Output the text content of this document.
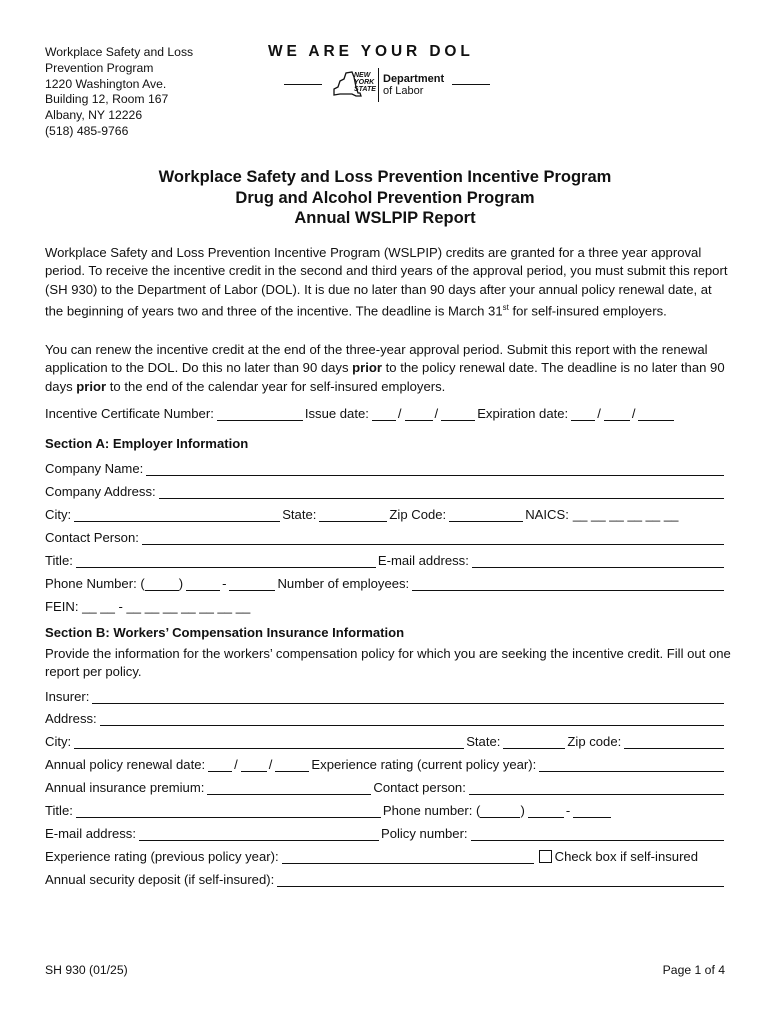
Workplace Safety and Loss
Prevention Program
1220 Washington Ave.
Building 12, Room 167
Albany, NY 12226
(518) 485-9766
WE ARE YOUR DOL
NEW
YORK
STATE
Department
of Labor
Workplace Safety and Loss Prevention Incentive Program
Drug and Alcohol Prevention Program
Annual WSLPIP Report
Workplace Safety and Loss Prevention Incentive Program (WSLPIP) credits are granted for a three year approval period. To receive the incentive credit in the second and third years of the approval period, you must submit this report (SH 930) to the Department of Labor (DOL). It is due no later than 90 days after your annual policy renewal date, at the beginning of years two and three of the incentive. The deadline is March 31st for self-insured employers.
You can renew the incentive credit at the end of the three-year approval period. Submit this report with the renewal application to the DOL. Do this no later than 90 days prior to the policy renewal date. The deadline is no later than 90 days prior to the end of the calendar year for self-insured employers.
Incentive Certificate Number:	Issue date: /	/	Expiration date: / /
Section A: Employer Information
Company Name:
Company Address:
City:	State:	Zip Code:	NAICS: __ __ __ __ __ __
Contact Person:
Title:	E-mail address:
Phone Number: (	)	-	Number of employees:
FEIN: __ __ - __ __ __ __ __ __ __
Section B: Workers’ Compensation Insurance Information
Provide the information for the workers’ compensation policy for which you are seeking the incentive credit. Fill out one report per policy.
Insurer:
Address:
City:	State:	Zip code:
Annual policy renewal date: / /	Experience rating (current policy year):
Annual insurance premium:	Contact person:
Title:	Phone number: (	)	-
E-mail address:	Policy number:
Experience rating (previous policy year):	Check box if self-insured
Annual security deposit (if self-insured):
SH 930 (01/25)	Page 1 of 4
